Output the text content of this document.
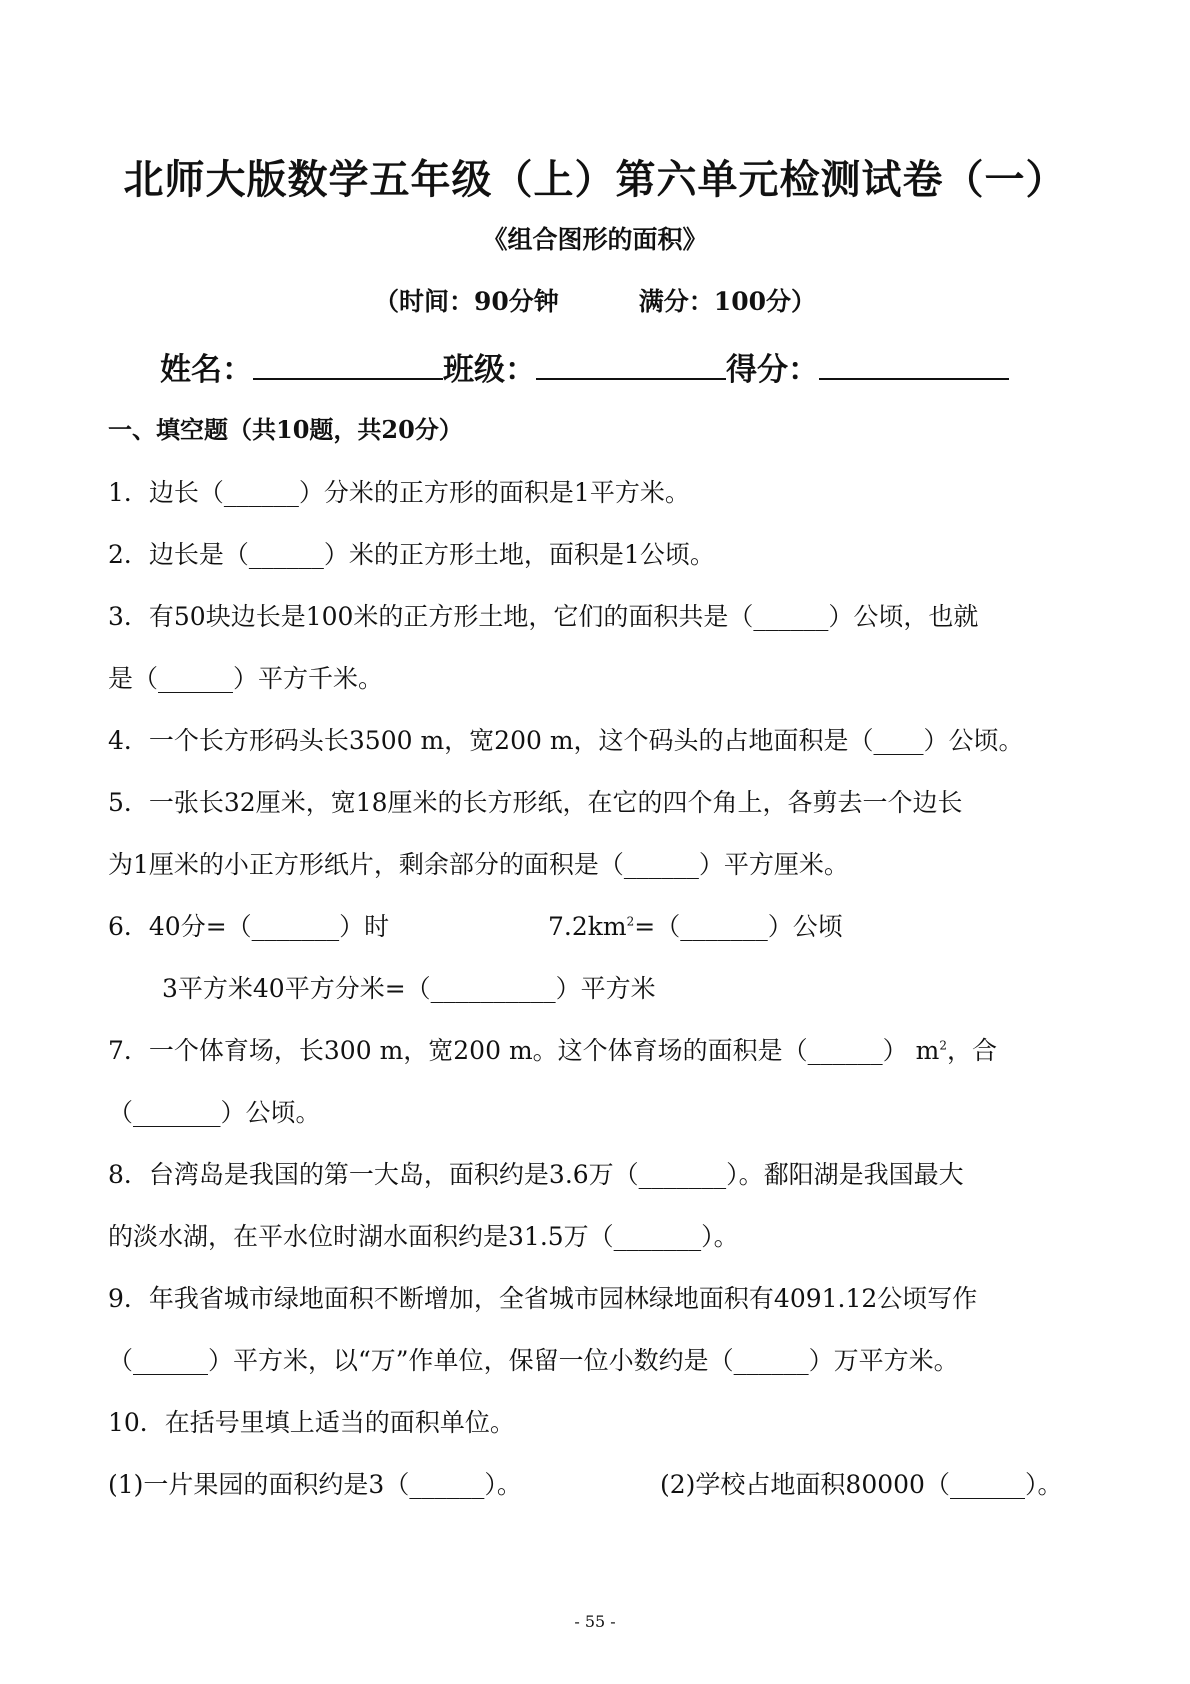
北师大版数学五年级（上）第六单元检测试卷（一）
《组合图形的面积》
（时间：90分钟	满分：100分）
姓名：	班级：	得分：
一、填空题（共10题，共20分）
1．边长（______）分米的正方形的面积是1平方米。
2．边长是（______）米的正方形土地，面积是1公顷。
3．有50块边长是100米的正方形土地，它们的面积共是（______）公顷，也就
是（______）平方千米。
4．一个长方形码头长3500 m，宽200 m，这个码头的占地面积是（____）公顷。
5．一张长32厘米，宽18厘米的长方形纸，在它的四个角上，各剪去一个边长
为1厘米的小正方形纸片，剩余部分的面积是（______）平方厘米。
6．40分=（_______）时	$7.2km^2=(\_\_\_\_\_\_\_)$公顷
3平方米40平方分米=（__________）平方米
7．一个体育场，长300 m，宽200 m。这个体育场的面积是（______） $m^2$，合
（_______）公顷。
8．台湾岛是我国的第一大岛，面积约是3.6万（_______）。鄱阳湖是我国最大
的淡水湖，在平水位时湖水面积约是31.5万（_______）。
9．年我省城市绿地面积不断增加，全省城市园林绿地面积有4091.12公顷写作
（______）平方米，以“万”作单位，保留一位小数约是（______）万平方米。
10．在括号里填上适当的面积单位。
(1)一片果园的面积约是3（______）。	(2)学校占地面积80000（______）。
- 55 -
